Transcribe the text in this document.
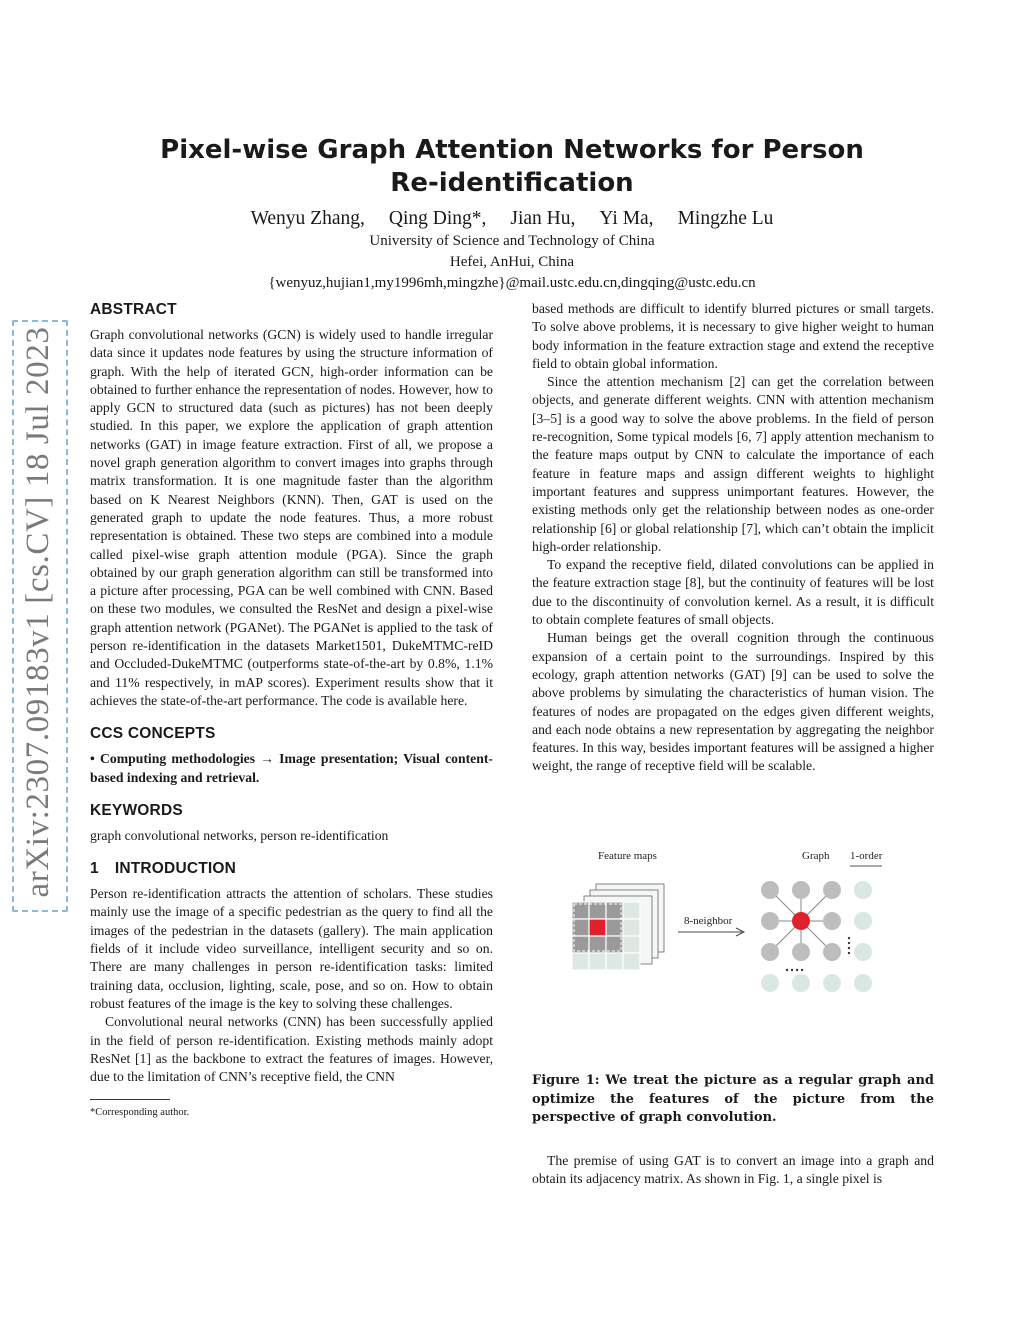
arXiv:2307.09183v1 [cs.CV] 18 Jul 2023
Pixel-wise Graph Attention Networks for Person Re-identification
Wenyu Zhang, Qing Ding*, Jian Hu, Yi Ma, Mingzhe Lu
University of Science and Technology of China
Hefei, AnHui, China
{wenyuz,hujian1,my1996mh,mingzhe}@mail.ustc.edu.cn,dingqing@ustc.edu.cn
ABSTRACT

Graph convolutional networks (GCN) is widely used to handle irregular data since it updates node features by using the structure information of graph. With the help of iterated GCN, high-order information can be obtained to further enhance the representation of nodes. However, how to apply GCN to structured data (such as pictures) has not been deeply studied. In this paper, we explore the application of graph attention networks (GAT) in image feature extraction. First of all, we propose a novel graph generation algorithm to convert images into graphs through matrix transformation. It is one magnitude faster than the algorithm based on K Nearest Neighbors (KNN). Then, GAT is used on the generated graph to update the node features. Thus, a more robust representation is obtained. These two steps are combined into a module called pixel-wise graph attention module (PGA). Since the graph obtained by our graph generation algorithm can still be transformed into a picture after processing, PGA can be well combined with CNN. Based on these two modules, we consulted the ResNet and design a pixel-wise graph attention network (PGANet). The PGANet is applied to the task of person re-identification in the datasets Market1501, DukeMTMC-reID and Occluded-DukeMTMC (outperforms state-of-the-art by 0.8%, 1.1% and 11% respectively, in mAP scores). Experiment results show that it achieves the state-of-the-art performance. The code is available here.

CCS CONCEPTS

• Computing methodologies → Image presentation; Visual content-based indexing and retrieval.

KEYWORDS

graph convolutional networks, person re-identification

1 INTRODUCTION

Person re-identification attracts the attention of scholars. These studies mainly use the image of a specific pedestrian as the query to find all the images of the pedestrian in the datasets (gallery). The main application fields of it include video surveillance, intelligent security and so on. There are many challenges in person re-identification tasks: limited training data, occlusion, lighting, scale, pose, and so on. How to obtain robust features of the image is the key to solving these challenges.

Convolutional neural networks (CNN) has been successfully applied in the field of person re-identification. Existing methods mainly adopt ResNet [1] as the backbone to extract the features of images. However, due to the limitation of CNN’s receptive field, the CNN

*Corresponding author.

based methods are difficult to identify blurred pictures or small targets. To solve above problems, it is necessary to give higher weight to human body information in the feature extraction stage and extend the receptive field to obtain global information.

Since the attention mechanism [2] can get the correlation between objects, and generate different weights. CNN with attention mechanism [3–5] is a good way to solve the above problems. In the field of person re-recognition, Some typical models [6, 7] apply attention mechanism to the feature maps output by CNN to calculate the importance of each feature in feature maps and assign different weights to highlight important features and suppress unimportant features. However, the existing methods only get the relationship between nodes as one-order relationship [6] or global relationship [7], which can’t obtain the implicit high-order relationship.

To expand the receptive field, dilated convolutions can be applied in the feature extraction stage [8], but the continuity of features will be lost due to the discontinuity of convolution kernel. As a result, it is difficult to obtain complete features of small objects.

Human beings get the overall cognition through the continuous expansion of a certain point to the surroundings. Inspired by this ecology, graph attention networks (GAT) [9] can be used to solve the above problems by simulating the characteristics of human vision. The features of nodes are propagated on the edges given different weights, and each node obtains a new representation by aggregating the neighbor features. In this way, besides important features will be assigned a higher weight, the range of receptive field will be scalable.

Feature maps	Graph 1-order
8-neighbor
Figure 1: We treat the picture as a regular graph and optimize the features of the picture from the perspective of graph convolution.

The premise of using GAT is to convert an image into a graph and obtain its adjacency matrix. As shown in Fig. 1, a single pixel is
